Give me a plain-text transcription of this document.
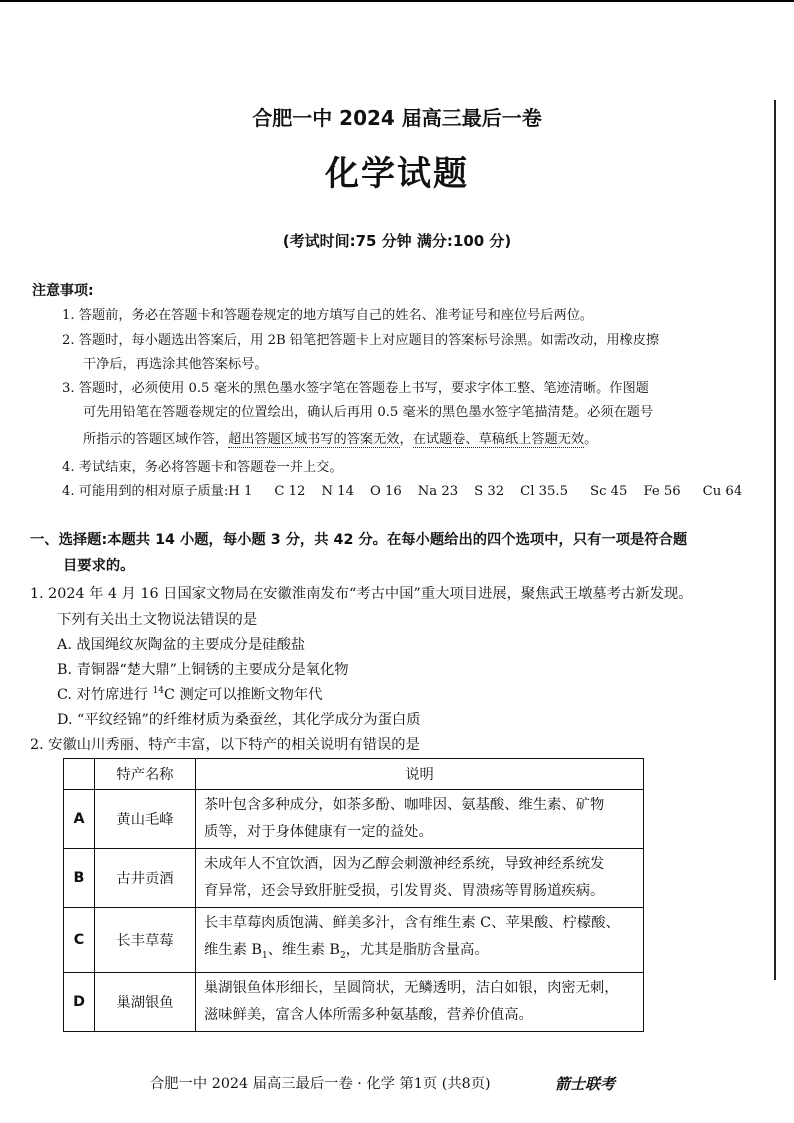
合肥一中 2024 届高三最后一卷
化学试题
(考试时间:75 分钟 满分:100 分)
注意事项:
1. 答题前，务必在答题卡和答题卷规定的地方填写自己的姓名、准考证号和座位号后两位。
2. 答题时，每小题选出答案后，用 2B 铅笔把答题卡上对应题目的答案标号涂黑。如需改动，用橡皮擦
干净后，再选涂其他答案标号。
3. 答题时，必须使用 0.5 毫米的黑色墨水签字笔在答题卷上书写，要求字体工整、笔迹清晰。作图题
可先用铅笔在答题卷规定的位置绘出，确认后再用 0.5 毫米的黑色墨水签字笔描清楚。必须在题号
所指示的答题区域作答，超出答题区域书写的答案无效，在试题卷、草稿纸上答题无效。
4. 考试结束，务必将答题卡和答题卷一并上交。
4. 可能用到的相对原子质量:H 1 C 12 N 14 O 16 Na 23 S 32 Cl 35.5 Sc 45 Fe 56 Cu 64
一、选择题:本题共 14 小题，每小题 3 分，共 42 分。在每小题给出的四个选项中，只有一项是符合题
目要求的。
1. 2024 年 4 月 16 日国家文物局在安徽淮南发布“考古中国”重大项目进展，聚焦武王墩墓考古新发现。
下列有关出土文物说法错误的是
A. 战国绳纹灰陶盆的主要成分是硅酸盐
B. 青铜器“楚大鼎”上铜锈的主要成分是氧化物
C. 对竹席进行 $^{14}$C 测定可以推断文物年代
D. “平纹经锦”的纤维材质为桑蚕丝，其化学成分为蛋白质
2. 安徽山川秀丽、特产丰富，以下特产的相关说明有错误的是
	特产名称	说明
A	黄山毛峰	茶叶包含多种成分，如茶多酚、咖啡因、氨基酸、维生素、矿物
质等，对于身体健康有一定的益处。
B	古井贡酒	未成年人不宜饮酒，因为乙醇会刺激神经系统，导致神经系统发
育异常，还会导致肝脏受损，引发胃炎、胃溃疡等胃肠道疾病。
C	长丰草莓	长丰草莓肉质饱满、鲜美多汁，含有维生素 C、苹果酸、柠檬酸、
维生素 $B_1$、维生素 $B_2$，尤其是脂肪含量高。
D	巢湖银鱼	巢湖银鱼体形细长，呈圆筒状，无鳞透明，洁白如银，肉密无刺，
滋味鲜美，富含人体所需多种氨基酸，营养价值高。
合肥一中 2024 届高三最后一卷 · 化学 第1页 (共8页)	箭士联考
